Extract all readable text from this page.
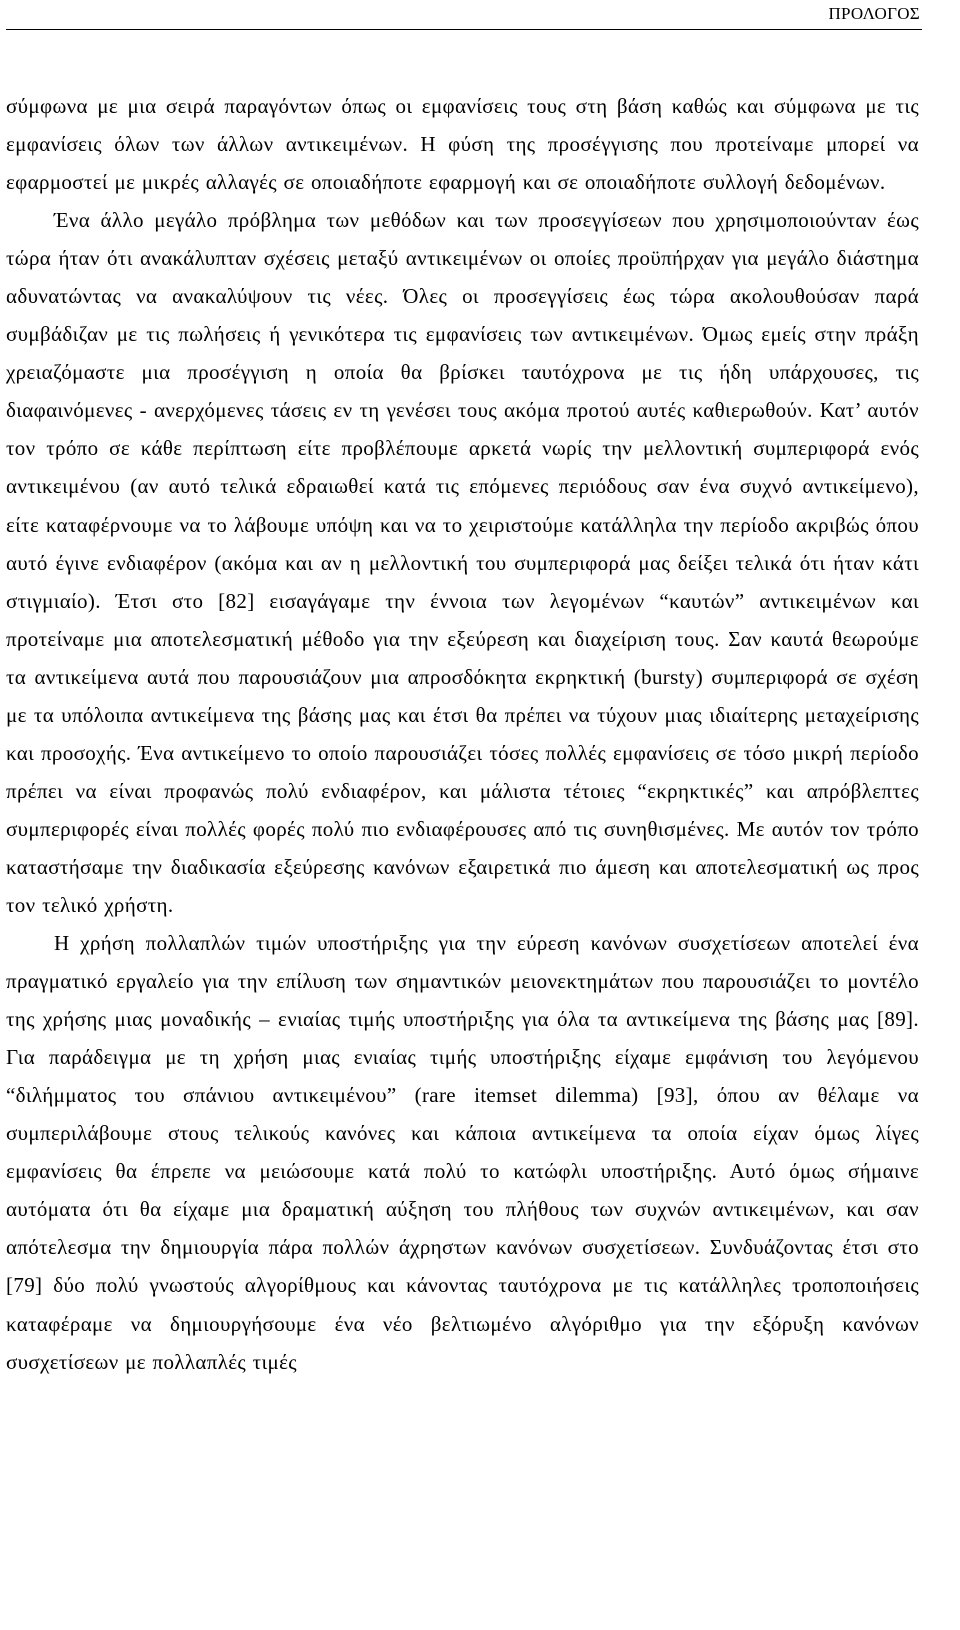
ΠΡΟΛΟΓΟΣ

σύμφωνα με μια σειρά παραγόντων όπως οι εμφανίσεις τους στη βάση καθώς και σύμφωνα με τις εμφανίσεις όλων των άλλων αντικειμένων. Η φύση της προσέγγισης που προτείναμε μπορεί να εφαρμοστεί με μικρές αλλαγές σε οποιαδήποτε εφαρμογή και σε οποιαδήποτε συλλογή δεδομένων.

Ένα άλλο μεγάλο πρόβλημα των μεθόδων και των προσεγγίσεων που χρησιμοποιούνταν έως τώρα ήταν ότι ανακάλυπταν σχέσεις μεταξύ αντικειμένων οι οποίες προϋπήρχαν για μεγάλο διάστημα αδυνατώντας να ανακαλύψουν τις νέες. Όλες οι προσεγγίσεις έως τώρα ακολουθούσαν παρά συμβάδιζαν με τις πωλήσεις ή γενικότερα τις εμφανίσεις των αντικειμένων. Όμως εμείς στην πράξη χρειαζόμαστε μια προσέγγιση η οποία θα βρίσκει ταυτόχρονα με τις ήδη υπάρχουσες, τις διαφαινόμενες - ανερχόμενες τάσεις εν τη γενέσει τους ακόμα προτού αυτές καθιερωθούν. Κατ’ αυτόν τον τρόπο σε κάθε περίπτωση είτε προβλέπουμε αρκετά νωρίς την μελλοντική συμπεριφορά ενός αντικειμένου (αν αυτό τελικά εδραιωθεί κατά τις επόμενες περιόδους σαν ένα συχνό αντικείμενο), είτε καταφέρνουμε να το λάβουμε υπόψη και να το χειριστούμε κατάλληλα την περίοδο ακριβώς όπου αυτό έγινε ενδιαφέρον (ακόμα και αν η μελλοντική του συμπεριφορά μας δείξει τελικά ότι ήταν κάτι στιγμιαίο). Έτσι στο [82] εισαγάγαμε την έννοια των λεγομένων “καυτών” αντικειμένων και προτείναμε μια αποτελεσματική μέθοδο για την εξεύρεση και διαχείριση τους. Σαν καυτά θεωρούμε τα αντικείμενα αυτά που παρουσιάζουν μια απροσδόκητα εκρηκτική (bursty) συμπεριφορά σε σχέση με τα υπόλοιπα αντικείμενα της βάσης μας και έτσι θα πρέπει να τύχουν μιας ιδιαίτερης μεταχείρισης και προσοχής. Ένα αντικείμενο το οποίο παρουσιάζει τόσες πολλές εμφανίσεις σε τόσο μικρή περίοδο πρέπει να είναι προφανώς πολύ ενδιαφέρον, και μάλιστα τέτοιες “εκρηκτικές” και απρόβλεπτες συμπεριφορές είναι πολλές φορές πολύ πιο ενδιαφέρουσες από τις συνηθισμένες. Με αυτόν τον τρόπο καταστήσαμε την διαδικασία εξεύρεσης κανόνων εξαιρετικά πιο άμεση και αποτελεσματική ως προς τον τελικό χρήστη.

Η χρήση πολλαπλών τιμών υποστήριξης για την εύρεση κανόνων συσχετίσεων αποτελεί ένα πραγματικό εργαλείο για την επίλυση των σημαντικών μειονεκτημάτων που παρουσιάζει το μοντέλο της χρήσης μιας μοναδικής – ενιαίας τιμής υποστήριξης για όλα τα αντικείμενα της βάσης μας [89]. Για παράδειγμα με τη χρήση μιας ενιαίας τιμής υποστήριξης είχαμε εμφάνιση του λεγόμενου “διλήμματος του σπάνιου αντικειμένου” (rare itemset dilemma) [93], όπου αν θέλαμε να συμπεριλάβουμε στους τελικούς κανόνες και κάποια αντικείμενα τα οποία είχαν όμως λίγες εμφανίσεις θα έπρεπε να μειώσουμε κατά πολύ το κατώφλι υποστήριξης. Αυτό όμως σήμαινε αυτόματα ότι θα είχαμε μια δραματική αύξηση του πλήθους των συχνών αντικειμένων, και σαν απότελεσμα την δημιουργία πάρα πολλών άχρηστων κανόνων συσχετίσεων. Συνδυάζοντας έτσι στο [79] δύο πολύ γνωστούς αλγορίθμους και κάνοντας ταυτόχρονα με τις κατάλληλες τροποποιήσεις καταφέραμε να δημιουργήσουμε ένα νέο βελτιωμένο αλγόριθμο για την εξόρυξη κανόνων συσχετίσεων με πολλαπλές τιμές
